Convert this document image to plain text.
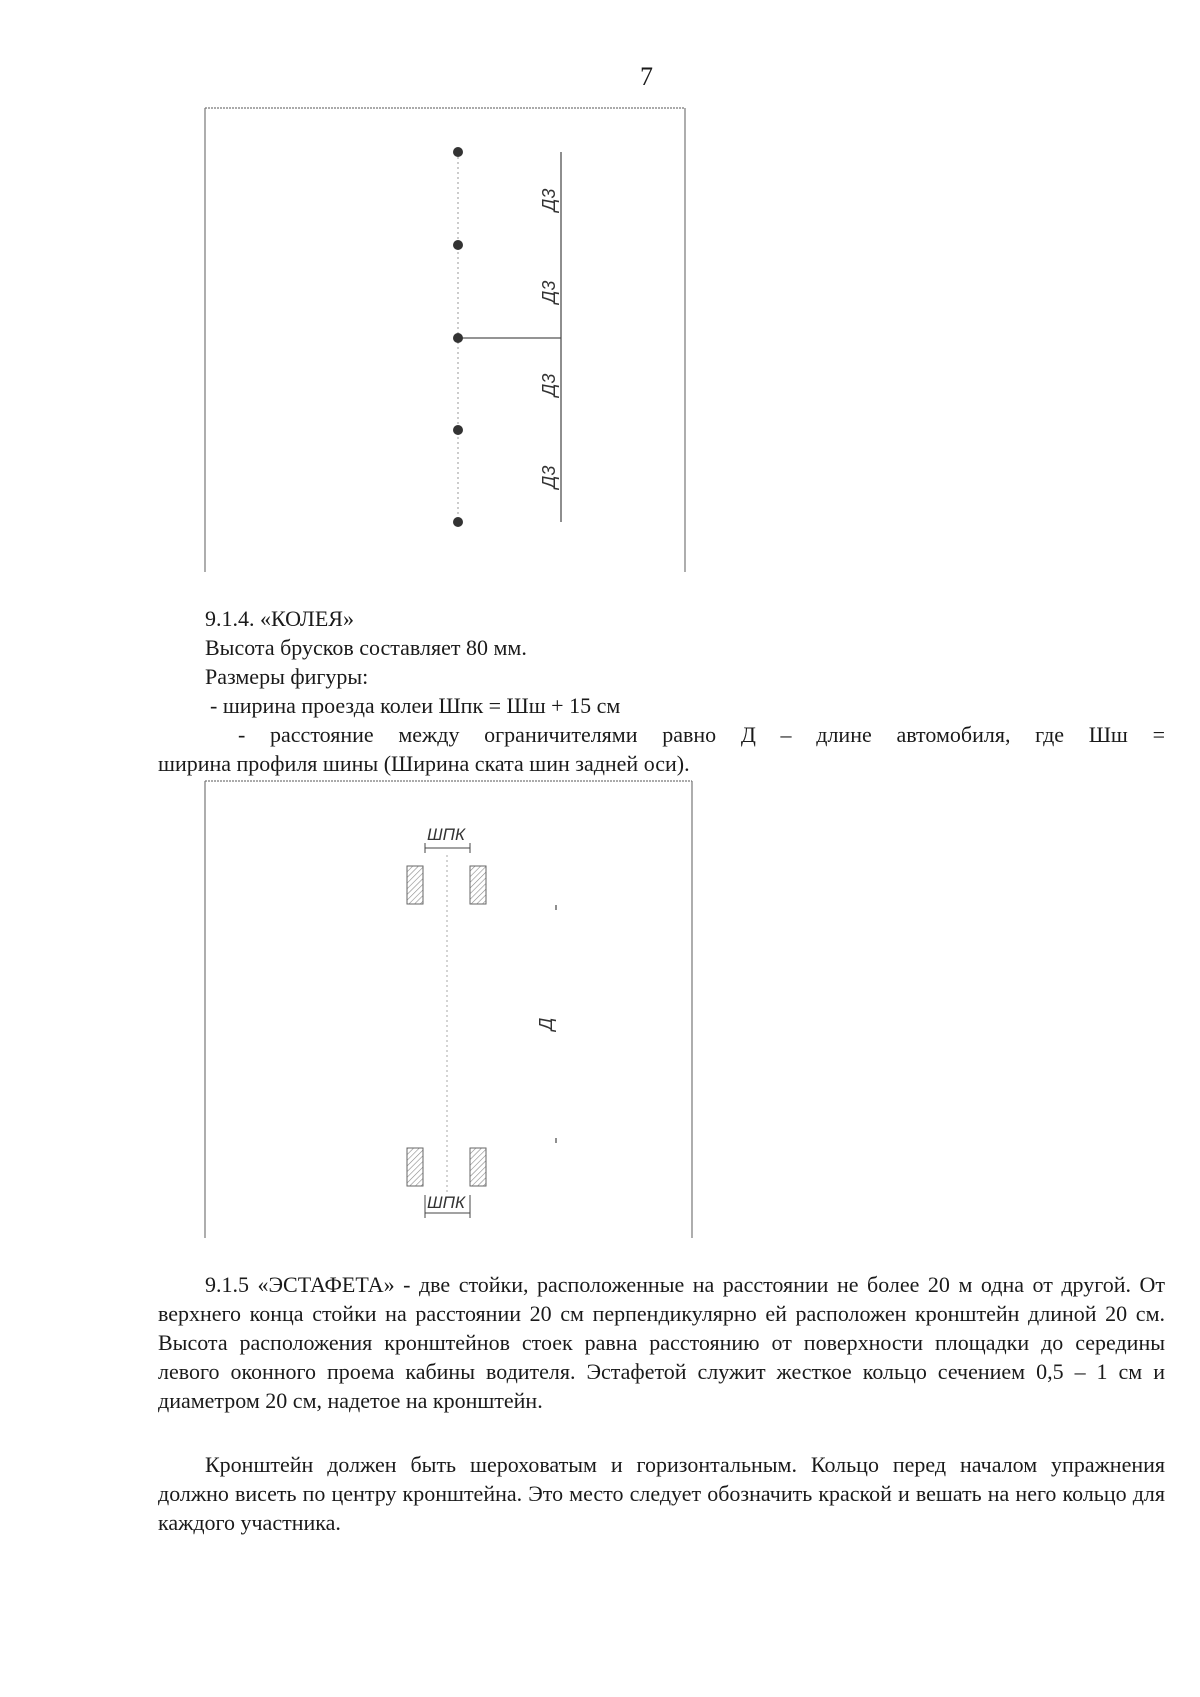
7
Д3
Д3
Д3
Д3
9.1.4. «КОЛЕЯ»
Высота брусков составляет 80 мм.
Размеры фигуры:
- ширина проезда колеи Шпк = Шш + 15 см
- расстояние между ограничителями равно Д – длине автомобиля, где Шш =
ширина профиля шины (Ширина ската шин задней оси).
ШПК
Д
ШПК
9.1.5 «ЭСТАФЕТА» - две стойки, расположенные на расстоянии не более 20 м одна от другой. От верхнего конца стойки на расстоянии 20 см перпендикулярно ей расположен кронштейн длиной 20 см. Высота расположения кронштейнов стоек равна расстоянию от поверхности площадки до середины левого оконного проема кабины водителя. Эстафетой служит жесткое кольцо сечением 0,5 – 1 см и диаметром 20 см, надетое на кронштейн.
Кронштейн должен быть шероховатым и горизонтальным. Кольцо перед началом упражнения должно висеть по центру кронштейна. Это место следует обозначить краской и вешать на него кольцо для каждого участника.
